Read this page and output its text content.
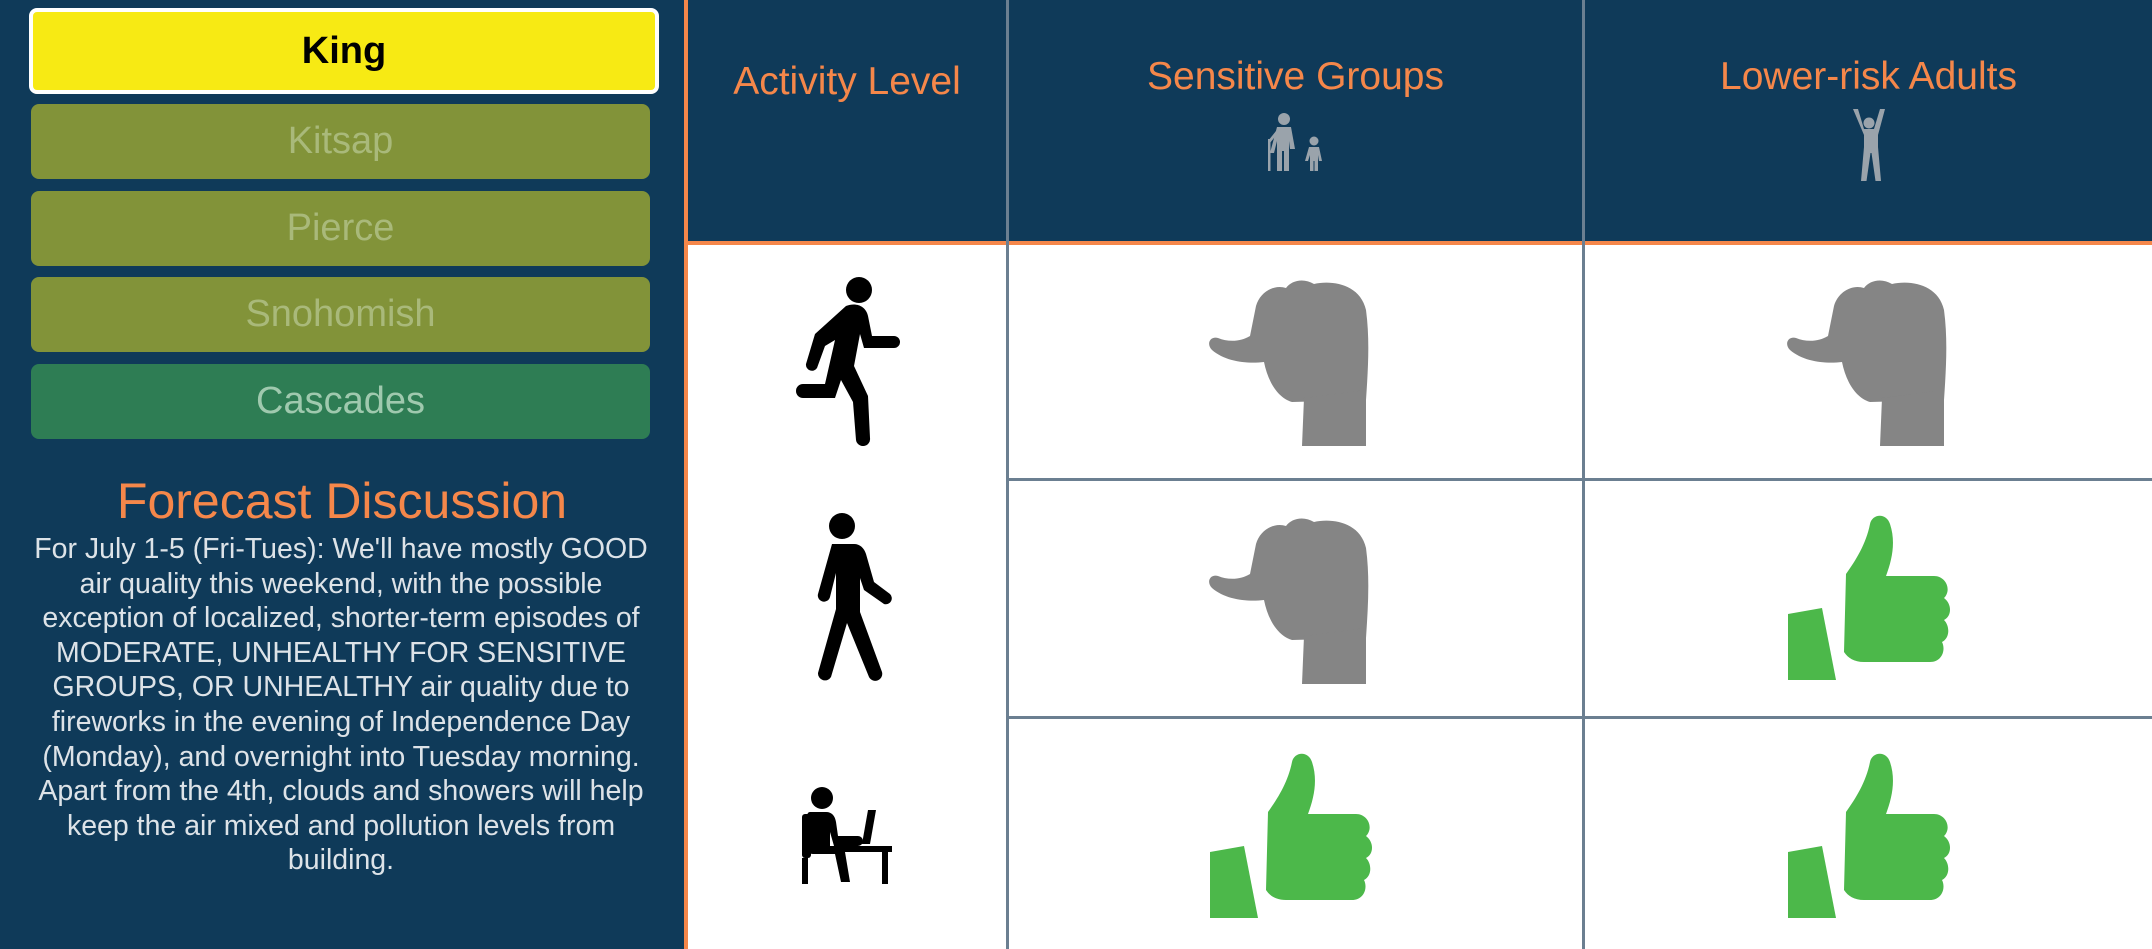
King
Kitsap
Pierce
Snohomish
Cascades
Forecast Discussion
For July 1-5 (Fri-Tues): We'll have mostly GOOD air quality this weekend, with the possible exception of localized, shorter-term episodes of MODERATE, UNHEALTHY FOR SENSITIVE GROUPS, OR UNHEALTHY air quality due to fireworks in the evening of Independence Day (Monday), and overnight into Tuesday morning. Apart from the 4th, clouds and showers will help keep the air mixed and pollution levels from building.
Activity Level	Sensitive Groups	Lower-risk Adults
